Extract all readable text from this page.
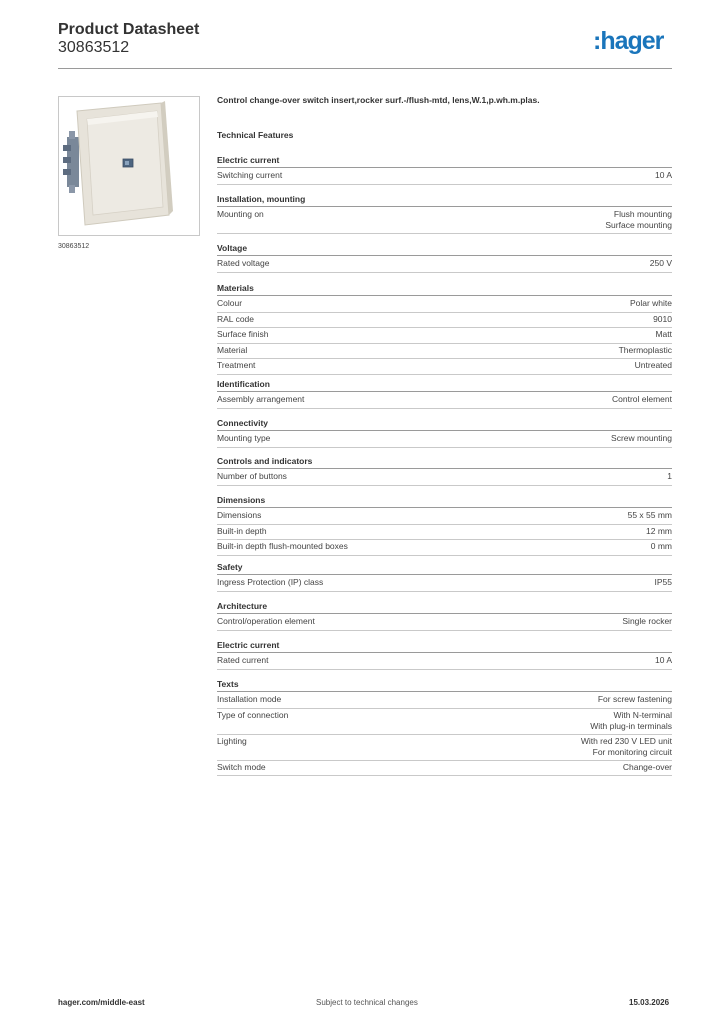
Product Datasheet
30863512	:hager
30863512
Control change-over switch insert,rocker surf.-/flush-mtd, lens,W.1,p.wh.m.plas.
Technical Features
Electric current
Switching current	10 A
Installation, mounting
Mounting on	Flush mounting
Surface mounting
Voltage
Rated voltage	250 V
Materials
Colour	Polar white
RAL code	9010
Surface finish	Matt
Material	Thermoplastic
Treatment	Untreated
Identification
Assembly arrangement	Control element
Connectivity
Mounting type	Screw mounting
Controls and indicators
Number of buttons	1
Dimensions
Dimensions	55 x 55 mm
Built-in depth	12 mm
Built-in depth flush-mounted boxes	0 mm
Safety
Ingress Protection (IP) class	IP55
Architecture
Control/operation element	Single rocker
Electric current
Rated current	10 A
Texts
Installation mode	For screw fastening
Type of connection	With N-terminal
With plug-in terminals
Lighting	With red 230 V LED unit
For monitoring circuit
Switch mode	Change-over
hager.com/middle-east	Subject to technical changes	15.03.2026
